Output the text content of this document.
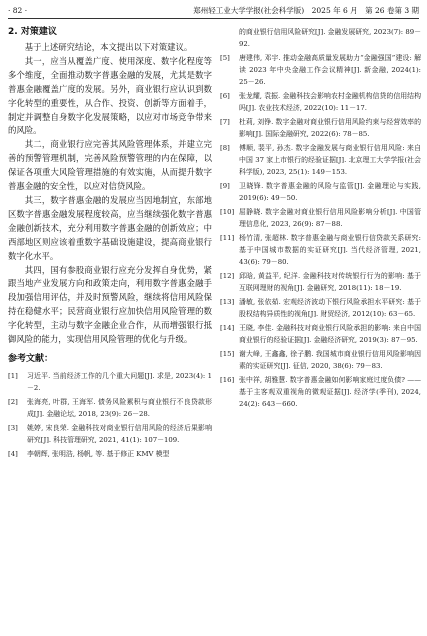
· 82 ·	郑州轻工业大学学报(社会科学版)　2025 年 6 月　第 26 卷第 3 期
2. 对策建议

基于上述研究结论，本文提出以下对策建议。

其一，应当从覆盖广度、使用深度、数字化程度等多个维度，全面推动数字普惠金融的发展，尤其是数字普惠金融覆盖广度的发展。另外，商业银行应认识到数字化转型的重要性，从合作、投资、创新等方面着手，制定并调整自身数字化发展策略，以应对市场竞争带来的风险。

其二，商业银行应完善其风险管理体系，并建立完善的预警管理机制，完善风险预警管理的内在保障，以保证各项重大风险管理措施的有效实施，从而提升数字普惠金融的安全性，以应对信贷风险。

其三，数字普惠金融的发展应当因地制宜，东部地区数字普惠金融发展程度较高，应当继续强化数字普惠金融创新技术，充分利用数字普惠金融的创新效应；中西部地区则应该着重数字基础设施建设，提高商业银行数字化水平。

其四，国有参股商业银行应充分发挥自身优势，紧跟当地产业发展方向和政策走向，利用数字普惠金融手段加强信用评估，并及时预警风险，继续将信用风险保持在稳健水平；民营商业银行应加快信用风险管理的数字化转型，主动与数字金融企业合作，从而增强银行抵御风险的能力，实现信用风险管理的优化与升级。

参考文献：
[1]	习近平. 当前经济工作的几个重大问题[J]. 求是, 2023(4): 1－2.
[2]	张海亮, 叶群, 王海军. 债务风险累积与商业银行不良贷款形成[J]. 金融论坛, 2018, 23(9): 26－28.
[3]	姚婷, 宋良荣. 金融科技对商业银行信用风险的经济后果影响研究[J]. 科技管理研究, 2021, 41(1): 107－109.
[4]	李朝辉, 张明浩, 杨帆, 等. 基于修正 KMV 模型
的商业银行信用风险研究[J]. 金融发展研究, 2023(7): 89－92.
[5]	唐建伟, 邓宇. 推动金融高质量发展助力“金融强国”建设: 解读 2023 年中央金融工作会议精神[J]. 新金融, 2024(1): 25－26.
[6]	张龙耀, 袁振. 金融科技会影响农村金融机构信贷的信用结构吗[J]. 农业技术经济, 2022(10): 11－17.
[7]	杜莉, 刘铮. 数字金融对商业银行信用风险约束与经营效率的影响[J]. 国际金融研究, 2022(6): 78－85.
[8]	傅顺, 裴平, 孙杰. 数字金融发展与商业银行信用风险: 来自中国 37 家上市银行的经验证据[J]. 北京理工大学学报(社会科学版), 2023, 25(1): 149－153.
[9]	卫晓锋. 数字普惠金融的风险与监管[J]. 金融理论与实践, 2019(6): 49－50.
[10] 屈静晓. 数字金融对商业银行信用风险影响分析[J]. 中国管理信息化, 2023, 26(9): 87－88.
[11] 杨竹清, 张超林. 数字普惠金融与商业银行信贷款关系研究: 基于中国城市数据的实证研究[J]. 当代经济管理, 2021, 43(6): 79－80.
[12] 邱晗, 黄益平, 纪洋. 金融科技对传统银行行为的影响: 基于互联网理财的视角[J]. 金融研究, 2018(11): 18－19.
[13] 潘敏, 张依茹. 宏观经济波动下银行风险承担水平研究: 基于股权结构异质性的视角[J]. 财贸经济, 2012(10): 63－65.
[14] 王晓, 李佳. 金融科技对商业银行风险承担的影响: 来自中国商业银行的经验证据[J]. 金融经济研究, 2019(3): 87－95.
[15] 谢大峰, 王鑫鑫, 徐子鹏. 我国城市商业银行信用风险影响因素的实证研究[J]. 征信, 2020, 38(6): 79－83.
[16] 张中祥, 胡雅慧. 数字普惠金融如何影响家庭过度负债? ——基于主客观双重视角的微观证据[J]. 经济学(季刊), 2024, 24(2): 643－660.
